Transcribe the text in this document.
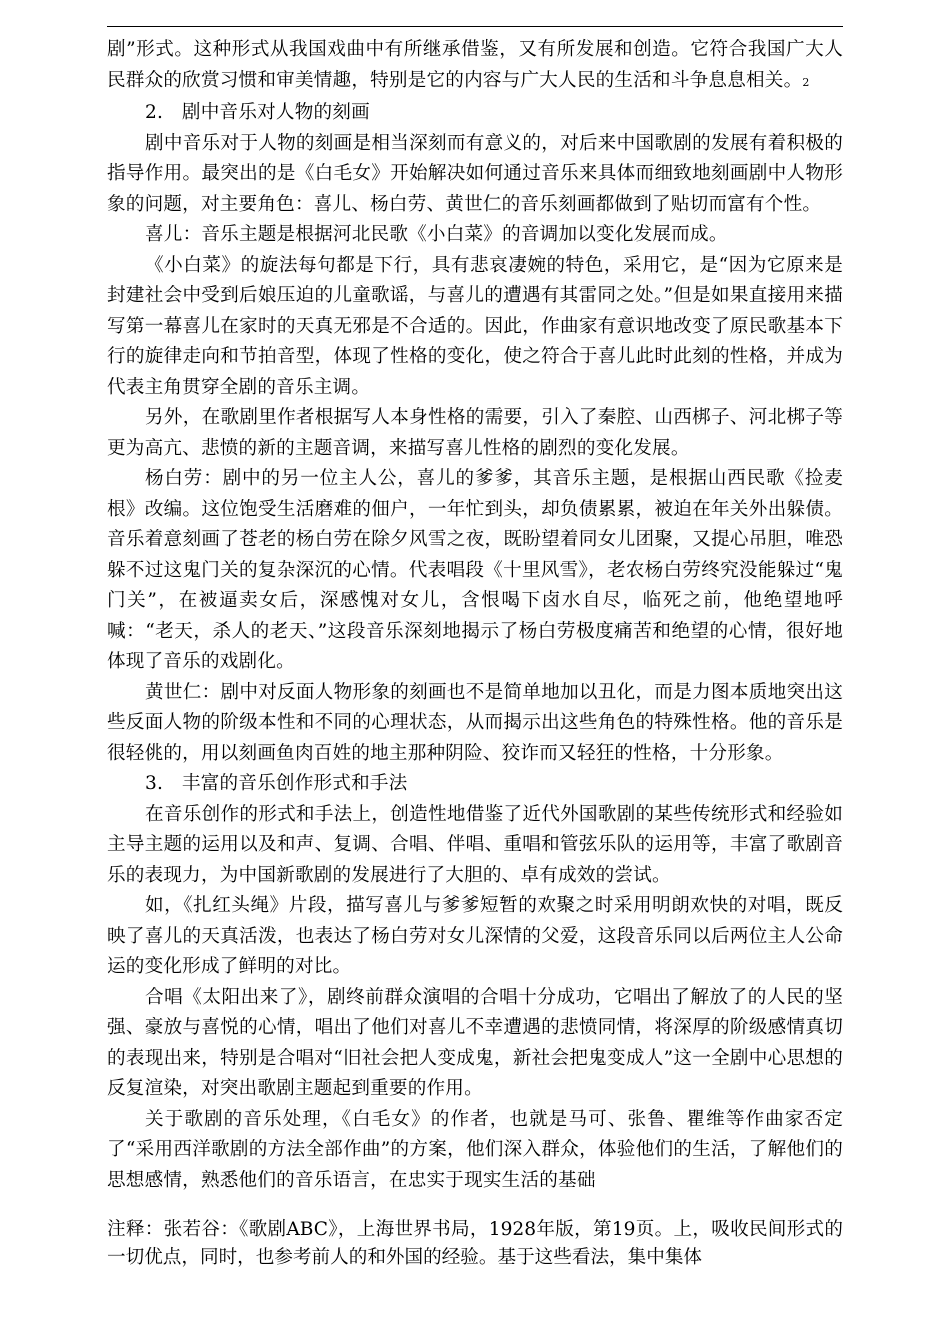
剧”形式。这种形式从我国戏曲中有所继承借鉴，又有所发展和创造。它符合我国广大人民群众的欣赏习惯和审美情趣，特别是它的内容与广大人民的生活和斗争息息相关。2

2.　剧中音乐对人物的刻画

剧中音乐对于人物的刻画是相当深刻而有意义的，对后来中国歌剧的发展有着积极的指导作用。最突出的是《白毛女》开始解决如何通过音乐来具体而细致地刻画剧中人物形象的问题，对主要角色：喜儿、杨白劳、黄世仁的音乐刻画都做到了贴切而富有个性。

喜儿：音乐主题是根据河北民歌《小白菜》的音调加以变化发展而成。

《小白菜》的旋法每句都是下行，具有悲哀凄婉的特色，采用它，是“因为它原来是封建社会中受到后娘压迫的儿童歌谣，与喜儿的遭遇有其雷同之处。”但是如果直接用来描写第一幕喜儿在家时的天真无邪是不合适的。因此，作曲家有意识地改变了原民歌基本下行的旋律走向和节拍音型，体现了性格的变化，使之符合于喜儿此时此刻的性格，并成为代表主角贯穿全剧的音乐主调。

另外，在歌剧里作者根据写人本身性格的需要，引入了秦腔、山西梆子、河北梆子等更为高亢、悲愤的新的主题音调，来描写喜儿性格的剧烈的变化发展。

杨白劳：剧中的另一位主人公，喜儿的爹爹，其音乐主题，是根据山西民歌《捡麦根》改编。这位饱受生活磨难的佃户，一年忙到头，却负债累累，被迫在年关外出躲债。音乐着意刻画了苍老的杨白劳在除夕风雪之夜，既盼望着同女儿团聚，又提心吊胆，唯恐躲不过这鬼门关的复杂深沉的心情。代表唱段《十里风雪》，老农杨白劳终究没能躲过“鬼门关”，在被逼卖女后，深感愧对女儿，含恨喝下卤水自尽，临死之前，他绝望地呼喊：“老天，杀人的老天、”这段音乐深刻地揭示了杨白劳极度痛苦和绝望的心情，很好地体现了音乐的戏剧化。

黄世仁：剧中对反面人物形象的刻画也不是简单地加以丑化，而是力图本质地突出这些反面人物的阶级本性和不同的心理状态，从而揭示出这些角色的特殊性格。他的音乐是很轻佻的，用以刻画鱼肉百姓的地主那种阴险、狡诈而又轻狂的性格，十分形象。

3.　丰富的音乐创作形式和手法

在音乐创作的形式和手法上，创造性地借鉴了近代外国歌剧的某些传统形式和经验如主导主题的运用以及和声、复调、合唱、伴唱、重唱和管弦乐队的运用等，丰富了歌剧音乐的表现力，为中国新歌剧的发展进行了大胆的、卓有成效的尝试。

如，《扎红头绳》片段，描写喜儿与爹爹短暂的欢聚之时采用明朗欢快的对唱，既反映了喜儿的天真活泼，也表达了杨白劳对女儿深情的父爱，这段音乐同以后两位主人公命运的变化形成了鲜明的对比。

合唱《太阳出来了》，剧终前群众演唱的合唱十分成功，它唱出了解放了的人民的坚强、豪放与喜悦的心情，唱出了他们对喜儿不幸遭遇的悲愤同情，将深厚的阶级感情真切的表现出来，特别是合唱对“旧社会把人变成鬼，新社会把鬼变成人”这一全剧中心思想的反复渲染，对突出歌剧主题起到重要的作用。

关于歌剧的音乐处理，《白毛女》的作者，也就是马可、张鲁、瞿维等作曲家否定了“采用西洋歌剧的方法全部作曲”的方案，他们深入群众，体验他们的生活，了解他们的思想感情，熟悉他们的音乐语言，在忠实于现实生活的基础

注释：张若谷：《歌剧ABC》，上海世界书局，1928年版，第19页。上，吸收民间形式的一切优点，同时，也参考前人的和外国的经验。基于这些看法，集中集体
